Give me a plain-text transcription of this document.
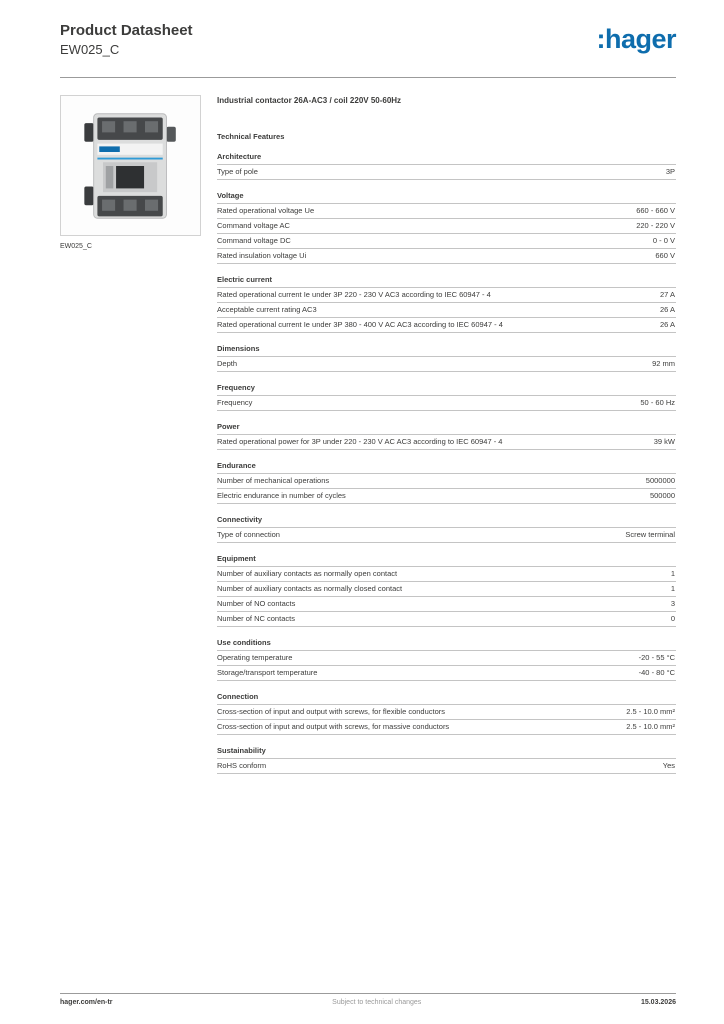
Product Datasheet
EW025_C	:hager
EW025_C
Industrial contactor 26A-AC3 / coil 220V 50-60Hz
Technical Features
Architecture
Type of pole	3P
Voltage
Rated operational voltage Ue	660 - 660 V
Command voltage AC	220 - 220 V
Command voltage DC	0 - 0 V
Rated insulation voltage Ui	660 V
Electric current
Rated operational current Ie under 3P 220 - 230 V AC3 according to IEC 60947 - 4	27 A
Acceptable current rating AC3	26 A
Rated operational current Ie under 3P 380 - 400 V AC AC3 according to IEC 60947 - 4	26 A
Dimensions
Depth	92 mm
Frequency
Frequency	50 - 60 Hz
Power
Rated operational power for 3P under 220 - 230 V AC AC3 according to IEC 60947 - 4	39 kW
Endurance
Number of mechanical operations	5000000
Electric endurance in number of cycles	500000
Connectivity
Type of connection	Screw terminal
Equipment
Number of auxiliary contacts as normally open contact	1
Number of auxiliary contacts as normally closed contact	1
Number of NO contacts	3
Number of NC contacts	0
Use conditions
Operating temperature	-20 - 55 °C
Storage/transport temperature	-40 - 80 °C
Connection
Cross-section of input and output with screws, for flexible conductors	2.5 - 10.0 mm²
Cross-section of input and output with screws, for massive conductors	2.5 - 10.0 mm²
Sustainability
RoHS conform	Yes
hager.com/en-tr	Subject to technical changes	15.03.2026
